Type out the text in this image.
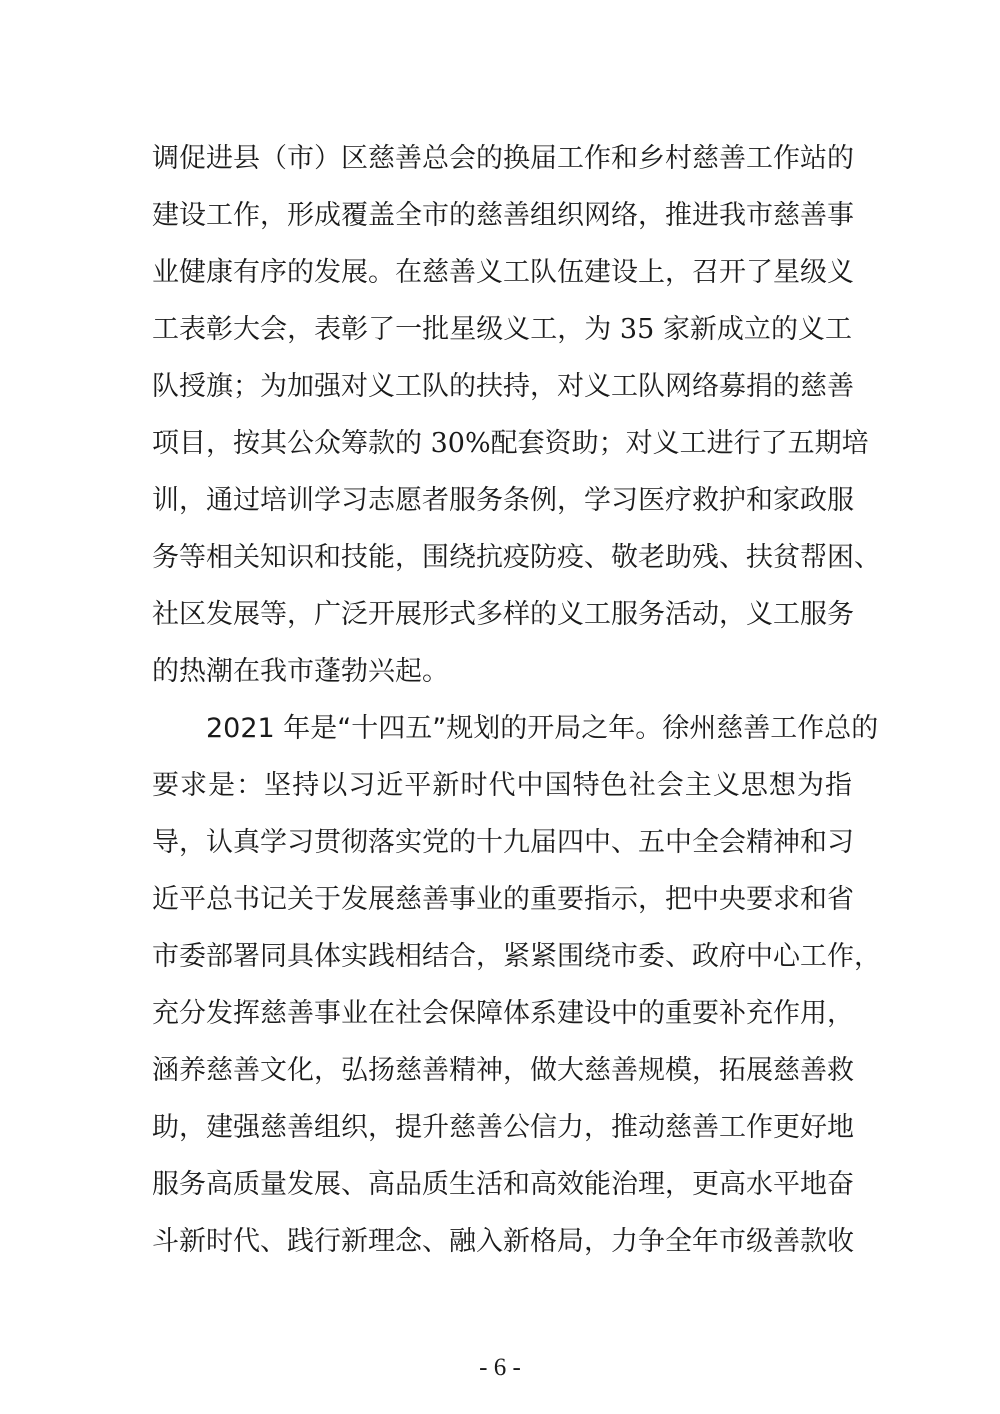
调促进县（市）区慈善总会的换届工作和乡村慈善工作站的
建设工作，形成覆盖全市的慈善组织网络，推进我市慈善事
业健康有序的发展。在慈善义工队伍建设上，召开了星级义
工表彰大会，表彰了一批星级义工，为 35 家新成立的义工
队授旗；为加强对义工队的扶持，对义工队网络募捐的慈善
项目，按其公众筹款的 30%配套资助；对义工进行了五期培
训，通过培训学习志愿者服务条例，学习医疗救护和家政服
务等相关知识和技能，围绕抗疫防疫、敬老助残、扶贫帮困、
社区发展等，广泛开展形式多样的义工服务活动，义工服务
的热潮在我市蓬勃兴起。
2021 年是“十四五”规划的开局之年。徐州慈善工作总的
要求是：坚持以习近平新时代中国特色社会主义思想为指
导，认真学习贯彻落实党的十九届四中、五中全会精神和习
近平总书记关于发展慈善事业的重要指示，把中央要求和省
市委部署同具体实践相结合，紧紧围绕市委、政府中心工作，
充分发挥慈善事业在社会保障体系建设中的重要补充作用，
涵养慈善文化，弘扬慈善精神，做大慈善规模，拓展慈善救
助，建强慈善组织，提升慈善公信力，推动慈善工作更好地
服务高质量发展、高品质生活和高效能治理，更高水平地奋
斗新时代、践行新理念、融入新格局，力争全年市级善款收
- 6 -
